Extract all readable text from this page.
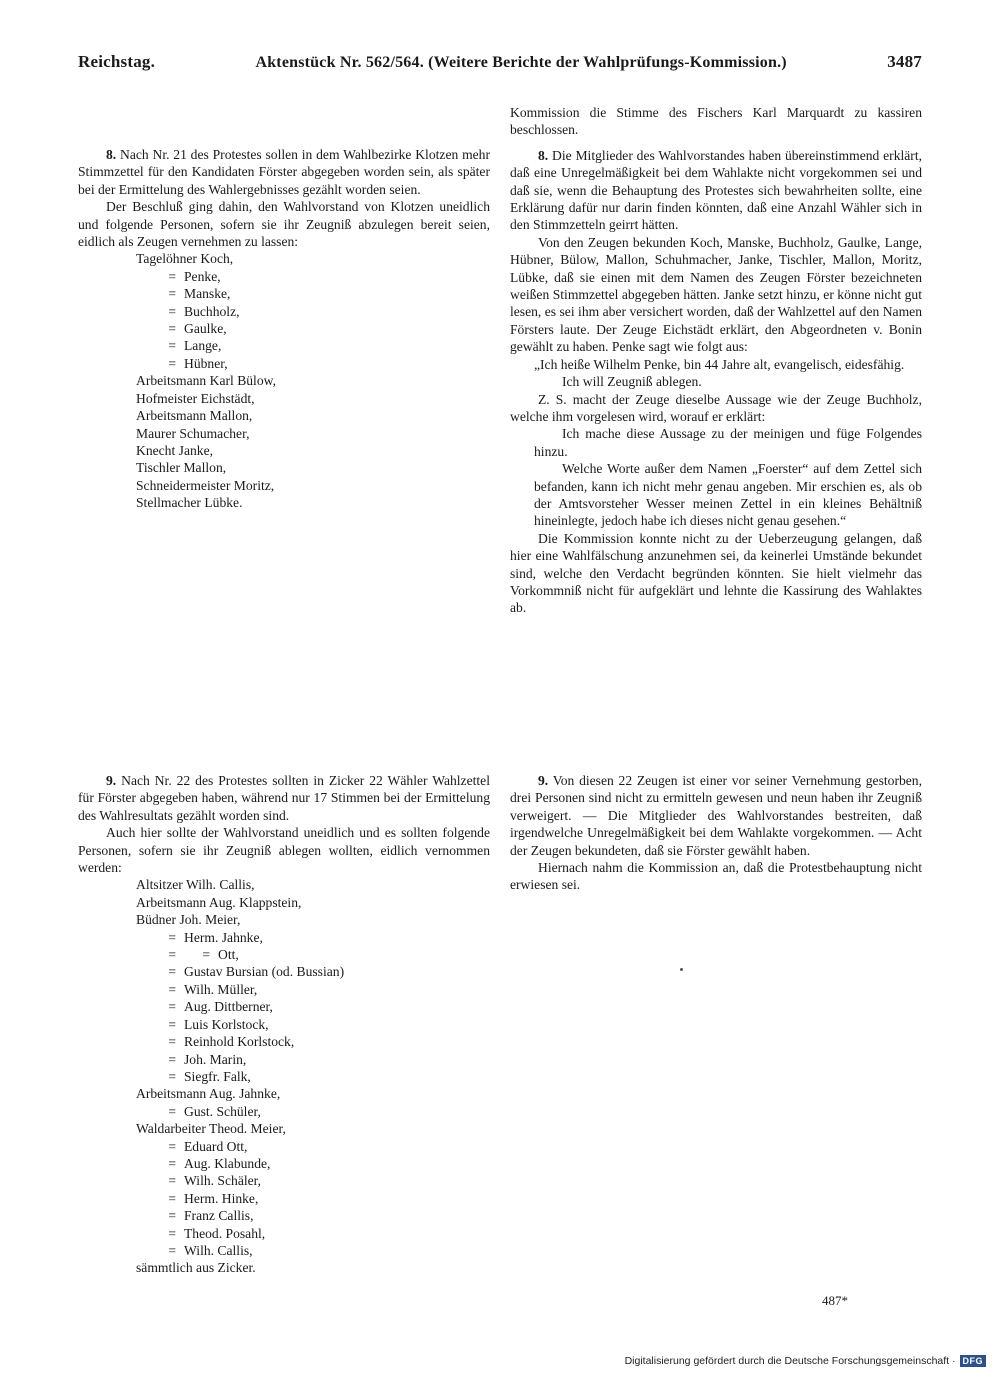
Reichstag.	Aktenstück Nr. 562/564. (Weitere Berichte der Wahlprüfungs-Kommission.)	3487

8. Nach Nr. 21 des Protestes sollen in dem Wahlbezirke Klotzen mehr Stimmzettel für den Kandidaten Förster abgegeben worden sein, als später bei der Ermittelung des Wahlergebnisses gezählt worden seien.

Der Beschluß ging dahin, den Wahlvorstand von Klotzen uneidlich und folgende Personen, sofern sie ihr Zeugniß abzulegen bereit seien, eidlich als Zeugen vernehmen zu lassen:

Tagelöhner Koch,
= Penke,
= Manske,
= Buchholz,
= Gaulke,
= Lange,
= Hübner,
Arbeitsmann Karl Bülow,
Hofmeister Eichstädt,
Arbeitsmann Mallon,
Maurer Schumacher,
Knecht Janke,
Tischler Mallon,
Schneidermeister Moritz,
Stellmacher Lübke.

9. Nach Nr. 22 des Protestes sollten in Zicker 22 Wähler Wahlzettel für Förster abgegeben haben, während nur 17 Stimmen bei der Ermittelung des Wahlresultats gezählt worden sind.

Auch hier sollte der Wahlvorstand uneidlich und es sollten folgende Personen, sofern sie ihr Zeugniß ablegen wollten, eidlich vernommen werden:

Altsitzer Wilh. Callis,
Arbeitsmann Aug. Klappstein,
Büdner Joh. Meier,
= Herm. Jahnke,
= = Ott,
= Gustav Bursian (od. Bussian)
= Wilh. Müller,
= Aug. Dittberner,
= Luis Korlstock,
= Reinhold Korlstock,
= Joh. Marin,
= Siegfr. Falk,
Arbeitsmann Aug. Jahnke,
= Gust. Schüler,
Waldarbeiter Theod. Meier,
= Eduard Ott,
= Aug. Klabunde,
= Wilh. Schäler,
= Herm. Hinke,
= Franz Callis,
= Theod. Posahl,
= Wilh. Callis,

sämmtlich aus Zicker.

Kommission die Stimme des Fischers Karl Marquardt zu kassiren beschlossen.

8. Die Mitglieder des Wahlvorstandes haben übereinstimmend erklärt, daß eine Unregelmäßigkeit bei dem Wahlakte nicht vorgekommen sei und daß sie, wenn die Behauptung des Protestes sich bewahrheiten sollte, eine Erklärung dafür nur darin finden könnten, daß eine Anzahl Wähler sich in den Stimmzetteln geirrt hätten.

Von den Zeugen bekunden Koch, Manske, Buchholz, Gaulke, Lange, Hübner, Bülow, Mallon, Schuhmacher, Janke, Tischler, Mallon, Moritz, Lübke, daß sie einen mit dem Namen des Zeugen Förster bezeichneten weißen Stimmzettel abgegeben hätten. Janke setzt hinzu, er könne nicht gut lesen, es sei ihm aber versichert worden, daß der Wahlzettel auf den Namen Försters laute. Der Zeuge Eichstädt erklärt, den Abgeordneten v. Bonin gewählt zu haben. Penke sagt wie folgt aus:

„Ich heiße Wilhelm Penke, bin 44 Jahre alt, evangelisch, eidesfähig.

Ich will Zeugniß ablegen.

Z. S. macht der Zeuge dieselbe Aussage wie der Zeuge Buchholz, welche ihm vorgelesen wird, worauf er erklärt:

Ich mache diese Aussage zu der meinigen und füge Folgendes hinzu.

Welche Worte außer dem Namen „Foerster“ auf dem Zettel sich befanden, kann ich nicht mehr genau angeben. Mir erschien es, als ob der Amtsvorsteher Wesser meinen Zettel in ein kleines Behältniß hineinlegte, jedoch habe ich dieses nicht genau gesehen.“

Die Kommission konnte nicht zu der Ueberzeugung gelangen, daß hier eine Wahlfälschung anzunehmen sei, da keinerlei Umstände bekundet sind, welche den Verdacht begründen könnten. Sie hielt vielmehr das Vorkommniß nicht für aufgeklärt und lehnte die Kassirung des Wahlaktes ab.

9. Von diesen 22 Zeugen ist einer vor seiner Vernehmung gestorben, drei Personen sind nicht zu ermitteln gewesen und neun haben ihr Zeugniß verweigert. — Die Mitglieder des Wahlvorstandes bestreiten, daß irgendwelche Unregelmäßigkeit bei dem Wahlakte vorgekommen. — Acht der Zeugen bekundeten, daß sie Förster gewählt haben.

Hiernach nahm die Kommission an, daß die Protestbehauptung nicht erwiesen sei.

487*
Digitalisierung gefördert durch die Deutsche Forschungsgemeinschaft · DFG
